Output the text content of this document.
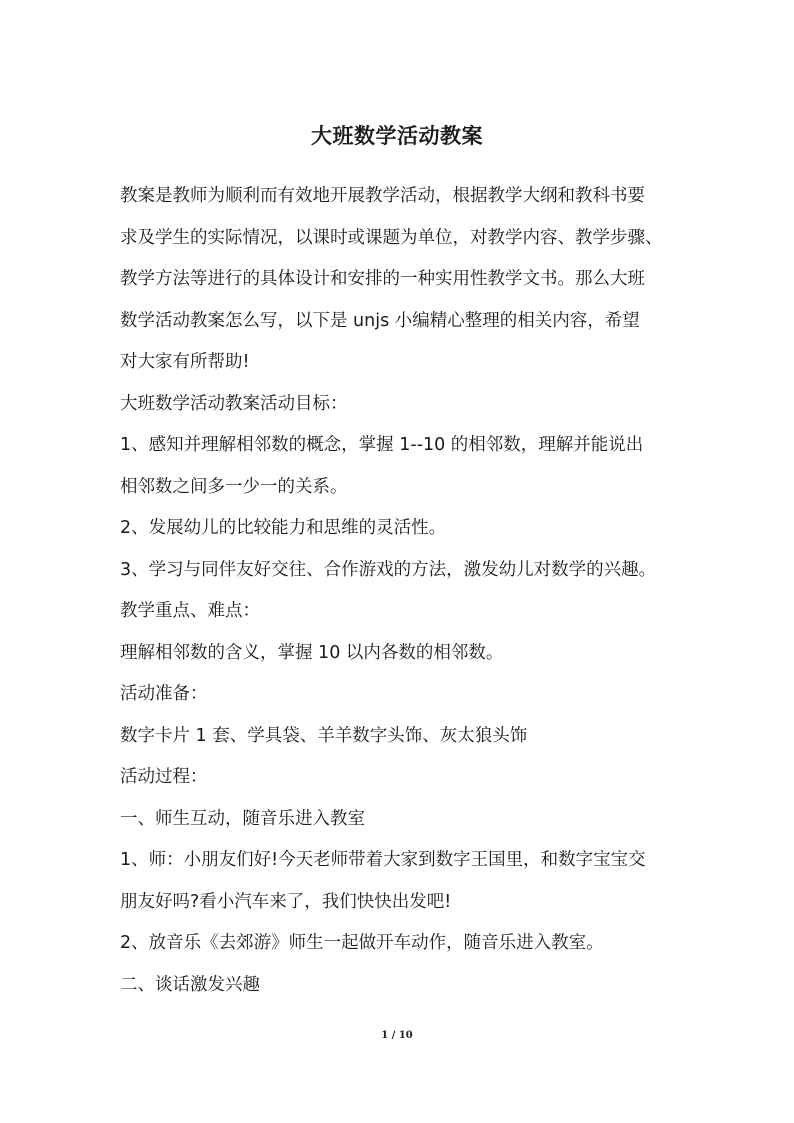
大班数学活动教案
教案是教师为顺利而有效地开展教学活动，根据教学大纲和教科书要
求及学生的实际情况，以课时或课题为单位，对教学内容、教学步骤、
教学方法等进行的具体设计和安排的一种实用性教学文书。那么大班
数学活动教案怎么写，以下是 unjs 小编精心整理的相关内容，希望
对大家有所帮助!
大班数学活动教案活动目标：
1、感知并理解相邻数的概念，掌握 1--10 的相邻数，理解并能说出
相邻数之间多一少一的关系。
2、发展幼儿的比较能力和思维的灵活性。
3、学习与同伴友好交往、合作游戏的方法，激发幼儿对数学的兴趣。
教学重点、难点：
理解相邻数的含义，掌握 10 以内各数的相邻数。
活动准备：
数字卡片 1 套、学具袋、羊羊数字头饰、灰太狼头饰
活动过程：
一、师生互动，随音乐进入教室
1、师：小朋友们好!今天老师带着大家到数字王国里，和数字宝宝交
朋友好吗?看小汽车来了，我们快快出发吧!
2、放音乐《去郊游》师生一起做开车动作，随音乐进入教室。
二、谈话激发兴趣
1 / 10
